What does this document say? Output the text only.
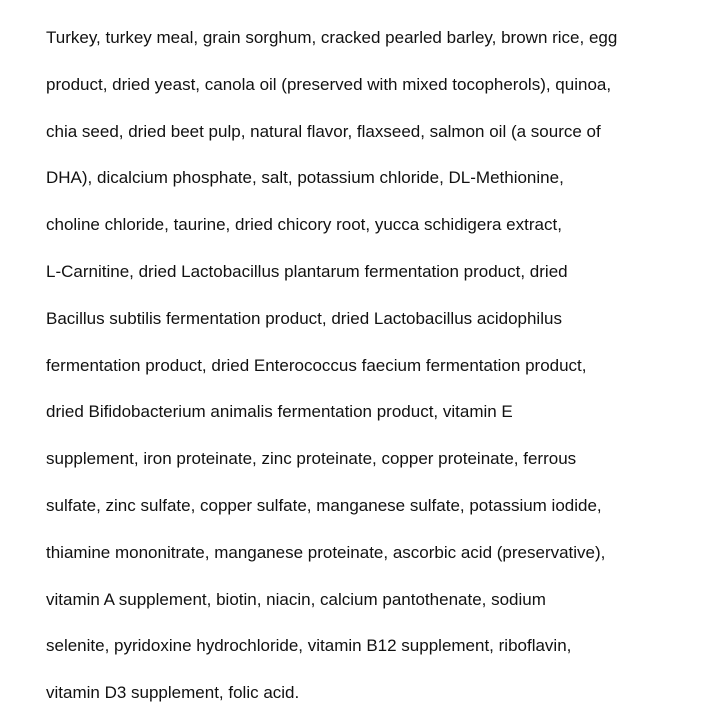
Turkey, turkey meal, grain sorghum, cracked pearled barley, brown rice, egg
product, dried yeast, canola oil (preserved with mixed tocopherols), quinoa,
chia seed, dried beet pulp, natural flavor, flaxseed, salmon oil (a source of
DHA), dicalcium phosphate, salt, potassium chloride, DL-Methionine,
choline chloride, taurine, dried chicory root, yucca schidigera extract,
L-Carnitine, dried Lactobacillus plantarum fermentation product, dried
Bacillus subtilis fermentation product, dried Lactobacillus acidophilus
fermentation product, dried Enterococcus faecium fermentation product,
dried Bifidobacterium animalis fermentation product, vitamin E
supplement, iron proteinate, zinc proteinate, copper proteinate, ferrous
sulfate, zinc sulfate, copper sulfate, manganese sulfate, potassium iodide,
thiamine mononitrate, manganese proteinate, ascorbic acid (preservative),
vitamin A supplement, biotin, niacin, calcium pantothenate, sodium
selenite, pyridoxine hydrochloride, vitamin B12 supplement, riboflavin,
vitamin D3 supplement, folic acid.
